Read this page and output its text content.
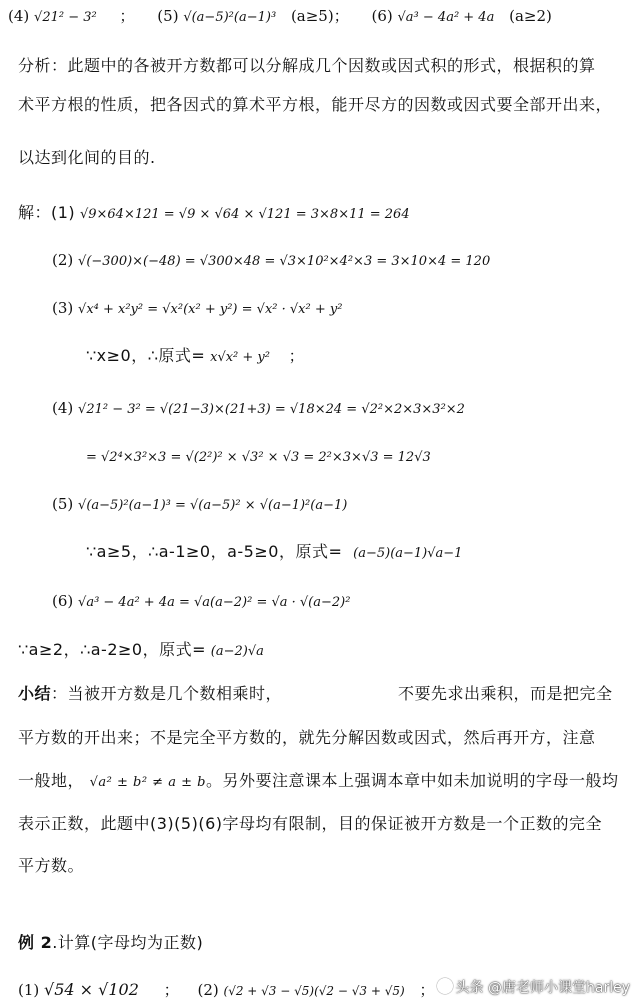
(4) √21² − 3² ； (5) √(a−5)²(a−1)³ (a≥5)； (6) √a³ − 4a² + 4a (a≥2)
分析：此题中的各被开方数都可以分解成几个因数或因式积的形式，根据积的算
术平方根的性质，把各因式的算术平方根，能开尽方的因数或因式要全部开出来，
以达到化间的目的.
解：(1) √9×64×121 = √9 × √64 × √121 = 3×8×11 = 264
(2) √(−300)×(−48) = √300×48 = √3×10²×4²×3 = 3×10×4 = 120
(3) √x⁴ + x²y² = √x²(x² + y²) = √x² · √x² + y²
∵x≥0，∴原式= x√x² + y² ；
(4) √21² − 3² = √(21−3)×(21+3) = √18×24 = √2²×2×3×3²×2
= √2⁴×3²×3 = √(2²)² × √3² × √3 = 2²×3×√3 = 12√3
(5) √(a−5)²(a−1)³ = √(a−5)² × √(a−1)²(a−1)
∵a≥5，∴a-1≥0，a-5≥0，原式= (a−5)(a−1)√a−1
(6) √a³ − 4a² + 4a = √a(a−2)² = √a · √(a−2)²
∵a≥2，∴a-2≥0，原式= (a−2)√a
小结：当被开方数是几个数相乘时，	不要先求出乘积，而是把完全
平方数的开出来；不是完全平方数的，就先分解因数或因式，然后再开方，注意
一般地， √a² ± b² ≠ a ± b。另外要注意课本上强调本章中如未加说明的字母一般均
表示正数，此题中(3)(5)(6)字母均有限制，目的保证被开方数是一个正数的完全
平方数。
例 2.计算(字母均为正数)
(1) √54 × √102 ； (2) (√2 + √3 − √5)(√2 − √3 + √5) ；	头条 @唐老师小课堂harley
